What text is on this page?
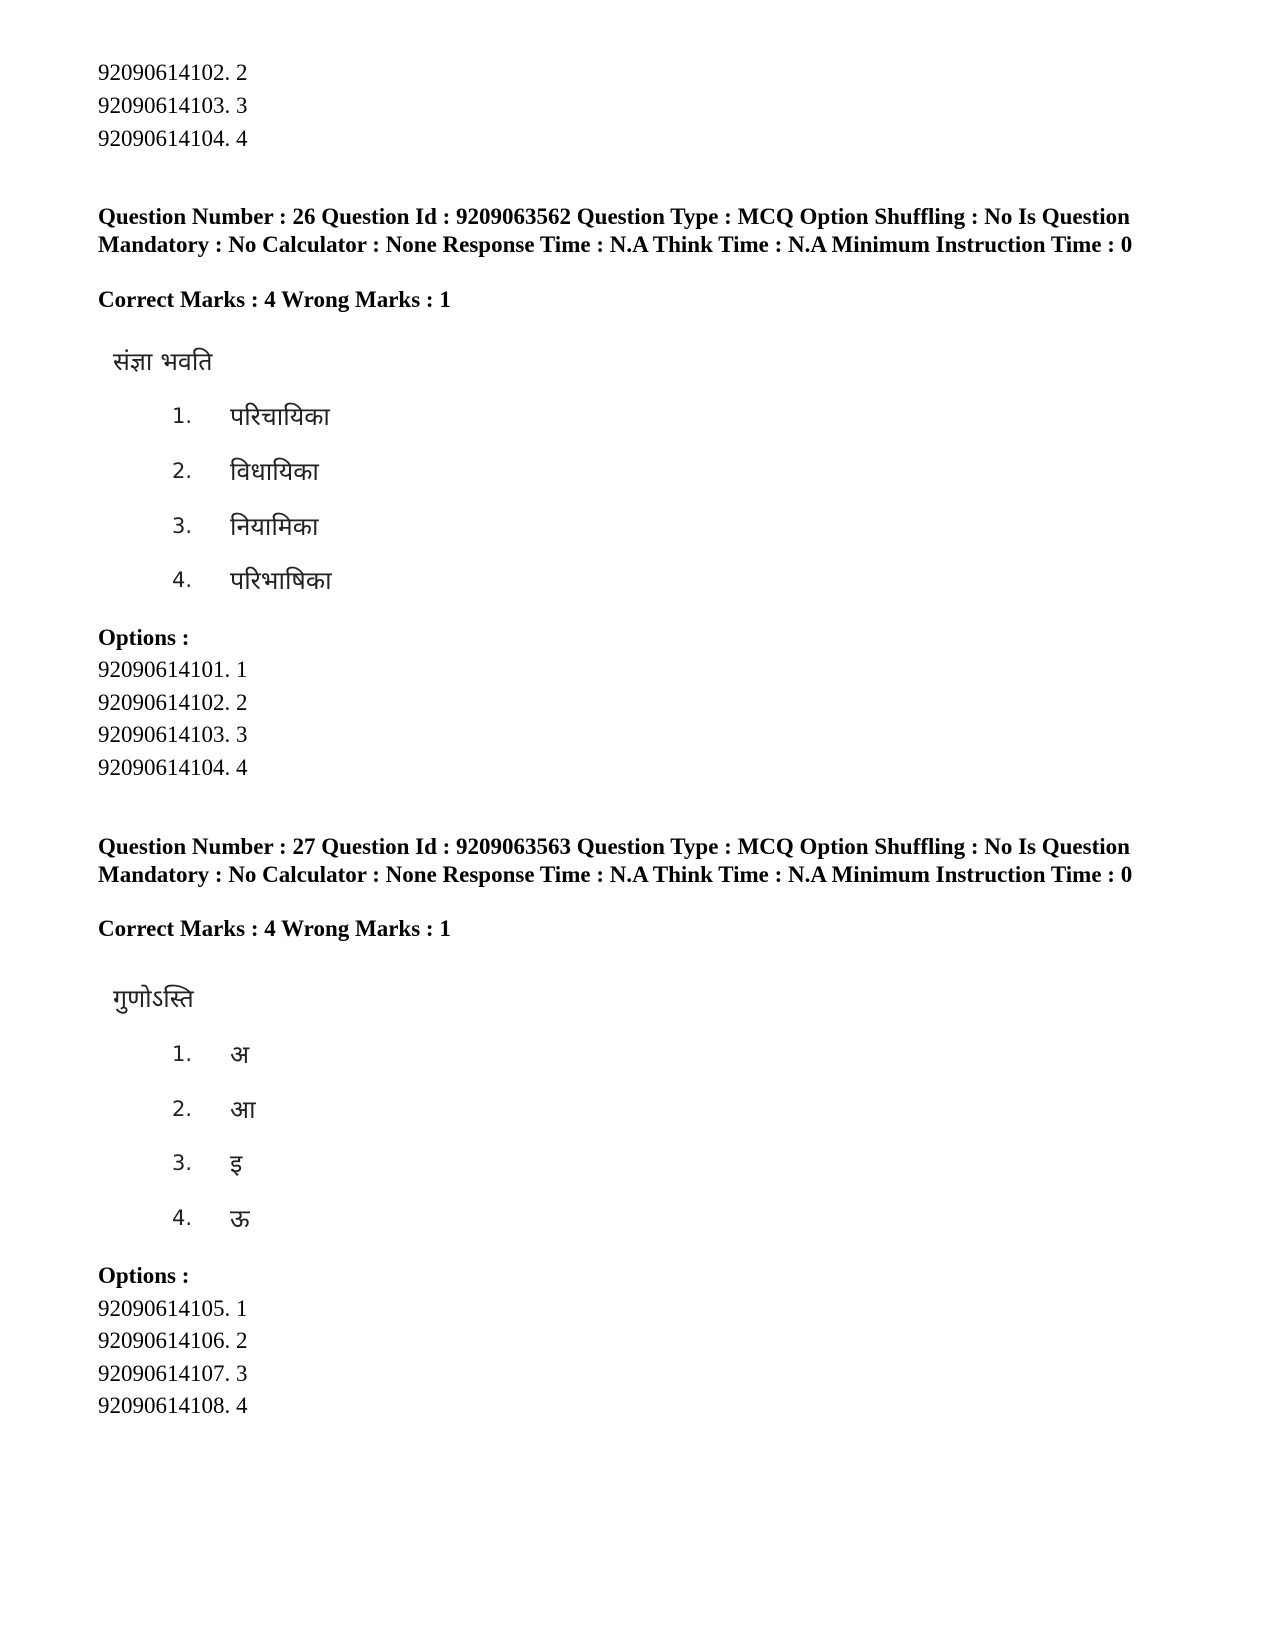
92090614102. 2
92090614103. 3
92090614104. 4
Question Number : 26 Question Id : 9209063562 Question Type : MCQ Option Shuffling : No Is Question Mandatory : No Calculator : None Response Time : N.A Think Time : N.A Minimum Instruction Time : 0
Correct Marks : 4 Wrong Marks : 1
संज्ञा भवति
1. परिचायिका
2. विधायिका
3. नियामिका
4. परिभाषिका
Options :
92090614101. 1
92090614102. 2
92090614103. 3
92090614104. 4
Question Number : 27 Question Id : 9209063563 Question Type : MCQ Option Shuffling : No Is Question Mandatory : No Calculator : None Response Time : N.A Think Time : N.A Minimum Instruction Time : 0
Correct Marks : 4 Wrong Marks : 1
गुणोऽस्ति
1. अ
2. आ
3. इ
4. ऊ
Options :
92090614105. 1
92090614106. 2
92090614107. 3
92090614108. 4
